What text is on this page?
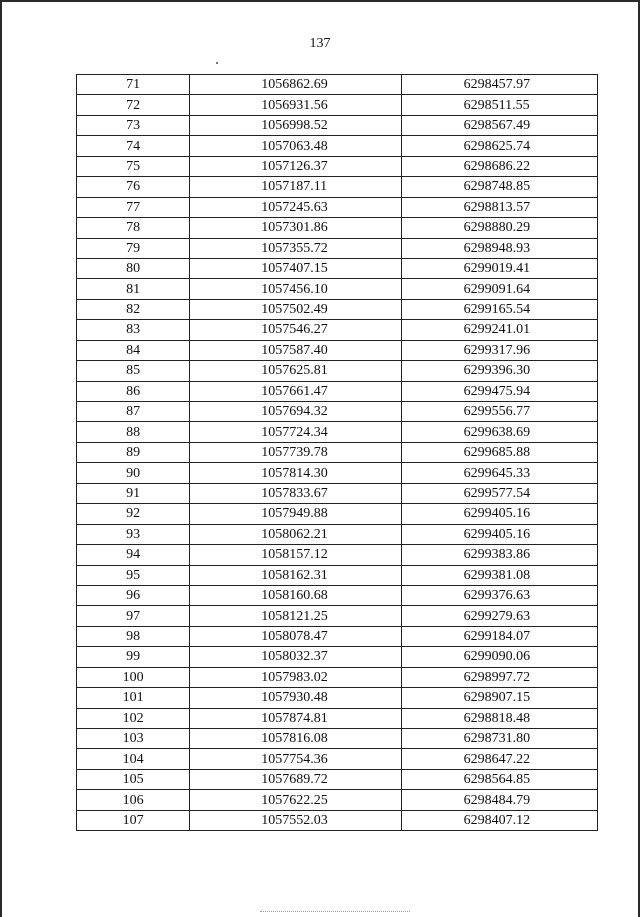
137
71	1056862.69	6298457.97
72	1056931.56	6298511.55
73	1056998.52	6298567.49
74	1057063.48	6298625.74
75	1057126.37	6298686.22
76	1057187.11	6298748.85
77	1057245.63	6298813.57
78	1057301.86	6298880.29
79	1057355.72	6298948.93
80	1057407.15	6299019.41
81	1057456.10	6299091.64
82	1057502.49	6299165.54
83	1057546.27	6299241.01
84	1057587.40	6299317.96
85	1057625.81	6299396.30
86	1057661.47	6299475.94
87	1057694.32	6299556.77
88	1057724.34	6299638.69
89	1057739.78	6299685.88
90	1057814.30	6299645.33
91	1057833.67	6299577.54
92	1057949.88	6299405.16
93	1058062.21	6299405.16
94	1058157.12	6299383.86
95	1058162.31	6299381.08
96	1058160.68	6299376.63
97	1058121.25	6299279.63
98	1058078.47	6299184.07
99	1058032.37	6299090.06
100	1057983.02	6298997.72
101	1057930.48	6298907.15
102	1057874.81	6298818.48
103	1057816.08	6298731.80
104	1057754.36	6298647.22
105	1057689.72	6298564.85
106	1057622.25	6298484.79
107	1057552.03	6298407.12
